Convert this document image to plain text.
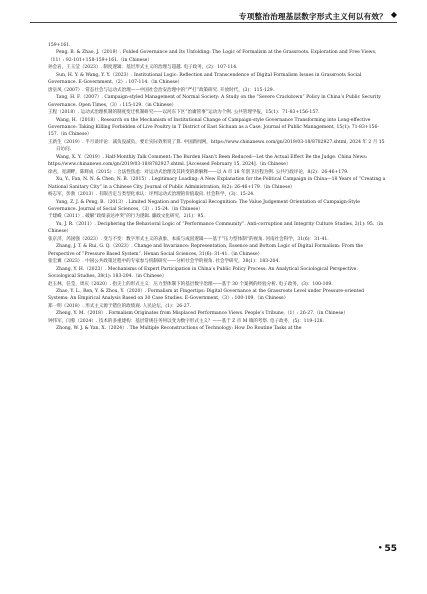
专项整治治理基层数字形式主义何以有效？ ◆

159+161.

Peng, B. & Zhao, J.（2019）. Folded Governance and Its Unfolding: The Logic of Formalism at the Grassroots. Exploration and Free Views,（11）: 92-101+158-159+161.（in Chinese）

孙会岩，王玉莹（2023）. 制度逻辑：基层形式主义的治理与超越. 电子政务，(2)：107-114.

Sun, H. Y. & Wang, Y. Y.（2023）. Institutional Logic: Reflection and Transcendence of Digital Formalism Issues in Grassroots Social Governance. E-Government,（2）: 107-114.（in Chinese）

唐皇凤（2007）. 常态社会与运动式治理——中国社会治安治理中的“严打”政策研究. 开放时代，(3)：115-129.

Tang, H. F.（2007）. Campaign-styled Management of Normal Society: A Study on the “Severe Crackdown” Policy in China’s Public Security Governance. Open Times,（3）: 115-129.（in Chinese）

王程（2018）. 运动式治理机制的制度变迁机制研究——以河东下区“治庸管事”运动为个例. 公共管理学报，15(1)：71-83+156-157.

Wang, H.（2018）. Research on the Mechanism of Institutional Change of Campaign-style Governance Transforming into Long-effective Governance: Taking Killing Forbidden of Live Poultry in T District of East Sichuan as a Case. Journal of Public Management, 15(1): 71-83+156-157.（in Chinese）

王新生（2019）. 半月谈评论：减负没减负，要让实际效果说了算. 中国新闻网，https://www.chinanews.com/gn/2019/03-18/8782927.shtml, 2024 年 2 月 15 日访问.

Wang, X. Y.（2019）. Half-Monthly Talk Comment: The Burden Hasn’t Been Reduced—Let the Actual Effect Be the Judge. China News: https://www.chinanews.com/gn/2019/03-18/8782927.shtml. [Accessed February 15, 2024].（in Chinese）

徐君，宽湖畔，陈辉成（2015）. 合法性焦虑：对运动式治理及其转变的新解释——以 A 市 18 年创卫历程为例. 公共行政评论，8(2)：26-46+179.

Xu, Y., Fan, N. N. & Chen, N. B.（2015）. Legitimacy Loading: A New Explanation for the Political Campaign in China—18 Years of “Creating a National Sanitary City” in a Chinese City. Journal of Public Administration, 8(2): 26-46+179.（in Chinese）

杨志军，彭勃（2013）. 有限否定与类型化承认：评判运动式治理的价值取向. 社会科学，(3)：15-24.

Yang, Z. J. & Peng, B.（2013）. Limited Negation and Typological Recognition: The Value Judgement Orientation of Campaign-Style Governance. Journal of Social Sciences,（3）: 15-24.（in Chinese）

于建嵘（2011）. 破解“政绩表达冲突”的行为逻辑. 廉政文化研究，2(1)：95.

Yu, J. R.（2011）. Deciphering the Behavioral Logic of “Performance Community”. Anti-corruption and Integrity Culture Studies, 2(1): 95.（in Chinese）

张京济，芮国强（2023）. 变与不变：数字形式主义的表象、本质与成因逻辑——基于“压力型体制”的视角. 河南社会科学，31(6)：31-41.

Zhang, J. T. & Rui, G. Q.（2023）. Change and Invariance: Representation, Essence and Bottom Logic of Digital Formalism: From the Perspective of “Pressure Based System”. Henan Social Sciences, 31(6): 31-41.（in Chinese）

张宏翼（2023）. 中国公共政策过程中的专家参与机制研究——分析社会学的视角. 社会学研究，38(1)：183-204.

Zhang, Y. H.（2023）. Mechanisms of Expert Participation in China’s Public Policy Process: An Analytical Sociological Perspective. Sociological Studies, 38(1): 183-204.（in Chinese）

赵玉林，任莹，周庆（2020）. 指尖上的形式主义：压力型体制下的基层数字治理——基于 30 个案例的经验分析. 电子政务，(3)：100-109.

Zhao, Y. L., Ren, Y. & Zhou, Y.（2020）. Formalism at Fingertips: Digital Governance at the Grassroots Level under Pressure-oriented Systems: An Empirical Analysis Based on 30 Case Studies. E-Government,（3）: 100-109.（in Chinese）

郑一明（2018）. 形式主义源于错位的政绩观. 人民论坛，(1)：26-27.

Zheng, Y. M.（2018）. Formalism Originates from Misplaced Performance Views. People’s Tribune,（1）: 26-27.（in Chinese）

钟伟军，闫蓉（2024）. 技术的多重建构：基层常规任务何以变为数字形式主义？——基于 Z 市 M 镇的考察. 电子政务，(5)：119-128.

Zhong, W. J. & Yan, X.（2024）. The Multiple Reconstructions of Technology: How Do Routine Tasks at the

• 55
